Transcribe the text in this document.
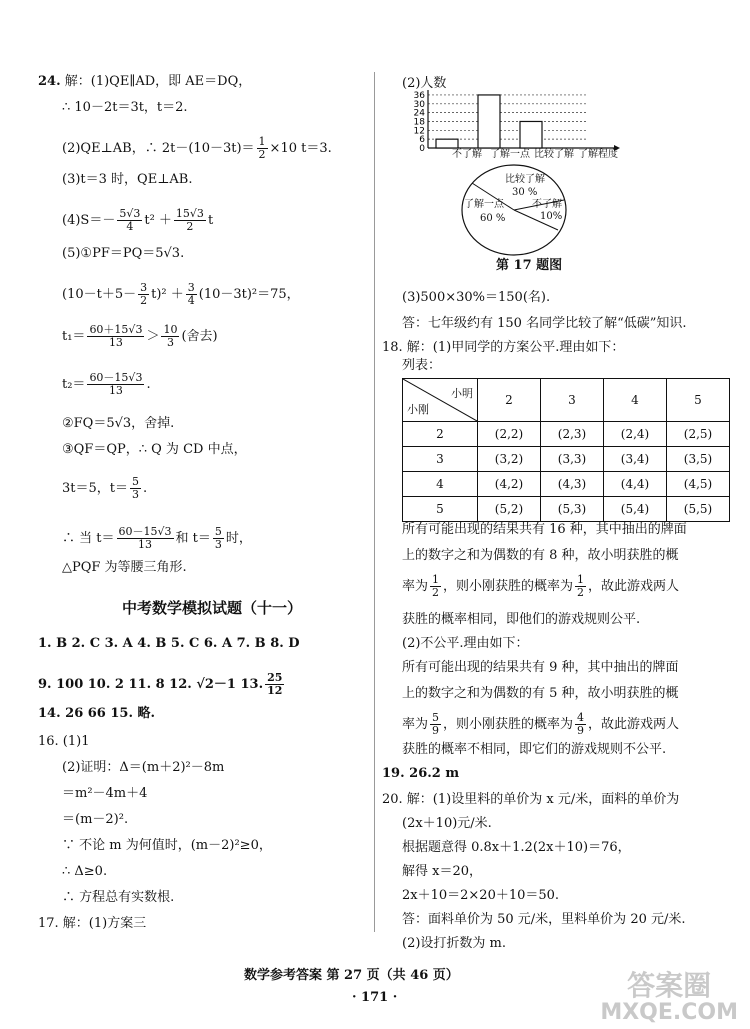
24. 解：(1)QE∥AD，即 AE＝DQ，
∴ 10－2t＝3t，t＝2.
(2)QE⊥AB，∴ $2t-(10-3t)= \frac{1}{2} \times 10$ t＝3.
(3)t＝3 时，QE⊥AB.
$(4)S=- \frac{5√3}{4} t^2 + \frac{15√3}{2}$ t
(5)①PF＝PQ＝5√3.
$(10-t+5- \frac{3}{2} t)^2 + \frac{3}{4} (10-3t)^2=75$，
$t_1= \frac{60+15√3}{13} > \frac{10}{3}$ (舍去)
$t_2= \frac{60-15√3}{13}$ .
②FQ＝5√3，舍掉.
③QF＝QP，∴ Q 为 CD 中点，
3t＝5，$t= \frac{5}{3}$ .
∴ 当 $t= \frac{60-15√3}{13}$ 和 $t= \frac{5}{3}$ 时，
△PQF 为等腰三角形.
中考数学模拟试题（十一）
1. B 2. C 3. A 4. B 5. C 6. A 7. B 8. D
9. 100 10. 2 11. 8 12. √2－1 13. $\frac{25}{12}$
14. 26 66 15. 略.
16. (1)1
(2)证明：Δ＝(m＋2)²－8m
＝m²－4m＋4
＝(m－2)².
∵ 不论 m 为何值时，(m－2)²≥0，
∴ Δ≥0.
∴ 方程总有实数根.
17. 解：(1)方案三
(2)人数
36
30
24
18
12
6
0	不了解 了解一点 比较了解 了解程度
比较了解
30 %
了解一点
60 %
不了解
10%
第 17 题图
(3)500×30%＝150(名).
答：七年级约有 150 名同学比较了解“低碳”知识.
18. 解：(1)甲同学的方案公平.理由如下：
列表：
小明
小刚	2	3	4	5
2	(2,2)	(2,3)	(2,4)	(2,5)
3	(3,2)	(3,3)	(3,4)	(3,5)
4	(4,2)	(4,3)	(4,4)	(4,5)
5	(5,2)	(5,3)	(5,4)	(5,5)
所有可能出现的结果共有 16 种，其中抽出的牌面
上的数字之和为偶数的有 8 种，故小明获胜的概
率为 $\frac{1}{2}$ ，则小刚获胜的概率为 $\frac{1}{2}$ ，故此游戏两人
获胜的概率相同，即他们的游戏规则公平.
(2)不公平.理由如下：
所有可能出现的结果共有 9 种，其中抽出的牌面
上的数字之和为偶数的有 5 种，故小明获胜的概
率为 $\frac{5}{9}$ ，则小刚获胜的概率为 $\frac{4}{9}$ ，故此游戏两人
获胜的概率不相同，即它们的游戏规则不公平.
19. 26.2 m
20. 解：(1)设里料的单价为 x 元/米，面料的单价为
(2x＋10)元/米.
根据题意得 0.8x＋1.2(2x＋10)＝76，
解得 x＝20，
2x＋10＝2×20＋10＝50.
答：面料单价为 50 元/米，里料单价为 20 元/米.
(2)设打折数为 m.
数学参考答案 第 27 页（共 46 页）
· 171 ·	答案圈
MXQE.COM
